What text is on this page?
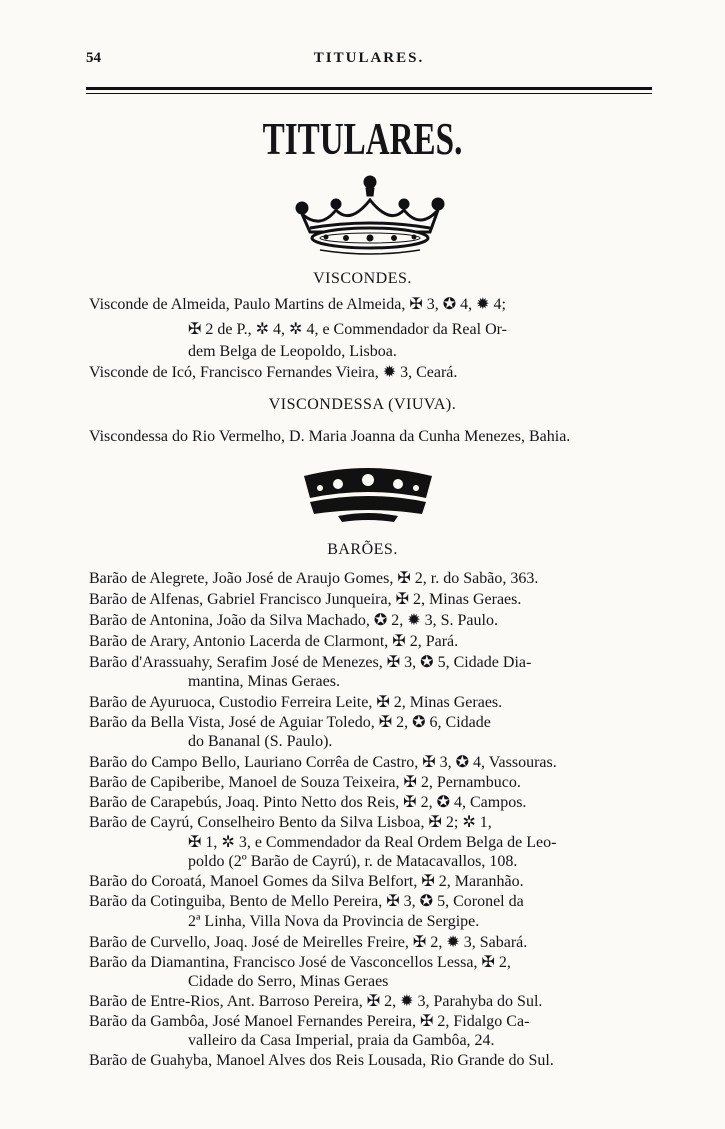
54	TITULARES.
TITULARES.
VISCONDES.
Visconde de Almeida, Paulo Martins de Almeida, ✠ 3, ✪ 4, ✹ 4;
✠ 2 de P., ✲ 4, ✲ 4, e Commendador da Real Or-
dem Belga de Leopoldo, Lisboa.
Visconde de Icó, Francisco Fernandes Vieira, ✹ 3, Ceará.
VISCONDESSA (VIUVA).
Viscondessa do Rio Vermelho, D. Maria Joanna da Cunha Menezes, Bahia.
BARÕES.
Barão de Alegrete, João José de Araujo Gomes, ✠ 2, r. do Sabão, 363.
Barão de Alfenas, Gabriel Francisco Junqueira, ✠ 2, Minas Geraes.
Barão de Antonina, João da Silva Machado, ✪ 2, ✹ 3, S. Paulo.
Barão de Arary, Antonio Lacerda de Clarmont, ✠ 2, Pará.
Barão d'Arassuahy, Serafim José de Menezes, ✠ 3, ✪ 5, Cidade Dia-
mantina, Minas Geraes.
Barão de Ayuruoca, Custodio Ferreira Leite, ✠ 2, Minas Geraes.
Barão da Bella Vista, José de Aguiar Toledo, ✠ 2, ✪ 6, Cidade
do Bananal (S. Paulo).
Barão do Campo Bello, Lauriano Corrêa de Castro, ✠ 3, ✪ 4, Vassouras.
Barão de Capiberibe, Manoel de Souza Teixeira, ✠ 2, Pernambuco.
Barão de Carapebús, Joaq. Pinto Netto dos Reis, ✠ 2, ✪ 4, Campos.
Barão de Cayrú, Conselheiro Bento da Silva Lisboa, ✠ 2; ✲ 1,
✠ 1, ✲ 3, e Commendador da Real Ordem Belga de Leo-
poldo (2º Barão de Cayrú), r. de Matacavallos, 108.
Barão do Coroatá, Manoel Gomes da Silva Belfort, ✠ 2, Maranhão.
Barão da Cotinguiba, Bento de Mello Pereira, ✠ 3, ✪ 5, Coronel da
2ª Linha, Villa Nova da Provincia de Sergipe.
Barão de Curvello, Joaq. José de Meirelles Freire, ✠ 2, ✹ 3, Sabará.
Barão da Diamantina, Francisco José de Vasconcellos Lessa, ✠ 2,
Cidade do Serro, Minas Geraes
Barão de Entre-Rios, Ant. Barroso Pereira, ✠ 2, ✹ 3, Parahyba do Sul.
Barão da Gambôa, José Manoel Fernandes Pereira, ✠ 2, Fidalgo Ca-
valleiro da Casa Imperial, praia da Gambôa, 24.
Barão de Guahyba, Manoel Alves dos Reis Lousada, Rio Grande do Sul.
